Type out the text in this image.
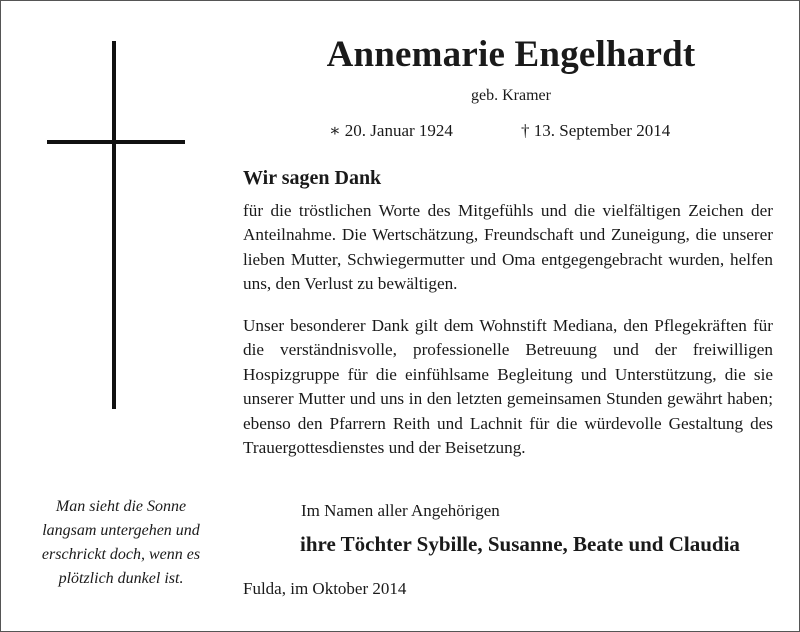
Annemarie Engelhardt
geb. Kramer
∗ 20. Januar 1924	† 13. September 2014
Wir sagen Dank

für die tröstlichen Worte des Mitgefühls und die vielfältigen Zeichen der Anteilnahme. Die Wertschätzung, Freundschaft und Zuneigung, die unserer lieben Mutter, Schwiegermutter und Oma entgegengebracht wurden, helfen uns, den Verlust zu bewältigen.

Unser besonderer Dank gilt dem Wohnstift Mediana, den Pflegekräften für die verständnisvolle, professionelle Betreuung und der freiwilligen Hospizgruppe für die einfühlsame Begleitung und Unterstützung, die sie unserer Mutter und uns in den letzten gemeinsamen Stunden gewährt haben; ebenso den Pfarrern Reith und Lachnit für die würdevolle Gestaltung des Trauergottesdienstes und der Beisetzung.

Im Namen aller Angehörigen
ihre Töchter Sybille, Susanne, Beate und Claudia
Fulda, im Oktober 2014
Man sieht die Sonne
langsam untergehen und
erschrickt doch, wenn es
plötzlich dunkel ist.
